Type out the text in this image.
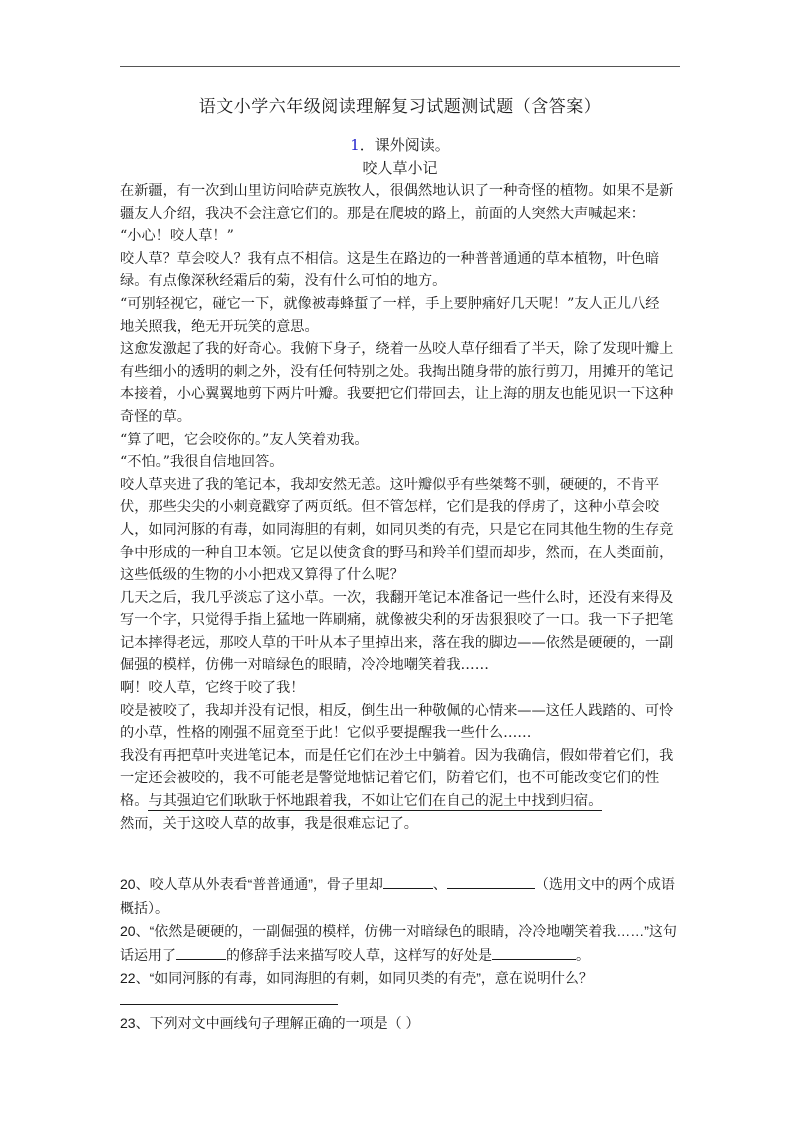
语文小学六年级阅读理解复习试题测试题（含答案）
1．课外阅读。
咬人草小记
在新疆，有一次到山里访问哈萨克族牧人，很偶然地认识了一种奇怪的植物。如果不是新
疆友人介绍，我决不会注意它们的。那是在爬坡的路上，前面的人突然大声喊起来：
“小心！咬人草！”
咬人草？草会咬人？我有点不相信。这是生在路边的一种普普通通的草本植物，叶色暗
绿。有点像深秋经霜后的菊，没有什么可怕的地方。
“可别轻视它，碰它一下，就像被毒蜂蜇了一样，手上要肿痛好几天呢！”友人正儿八经
地关照我，绝无开玩笑的意思。
这愈发激起了我的好奇心。我俯下身子，绕着一丛咬人草仔细看了半天，除了发现叶瓣上
有些细小的透明的刺之外，没有任何特别之处。我掏出随身带的旅行剪刀，用摊开的笔记
本接着，小心翼翼地剪下两片叶瓣。我要把它们带回去，让上海的朋友也能见识一下这种
奇怪的草。
“算了吧，它会咬你的。”友人笑着劝我。
“不怕。”我很自信地回答。
咬人草夹进了我的笔记本，我却安然无恙。这叶瓣似乎有些桀骜不驯，硬硬的，不肯平
伏，那些尖尖的小刺竟戳穿了两页纸。但不管怎样，它们是我的俘虏了，这种小草会咬
人，如同河豚的有毒，如同海胆的有刺，如同贝类的有壳，只是它在同其他生物的生存竞
争中形成的一种自卫本领。它足以使贪食的野马和羚羊们望而却步，然而，在人类面前，
这些低级的生物的小小把戏又算得了什么呢？
几天之后，我几乎淡忘了这小草。一次，我翻开笔记本准备记一些什么时，还没有来得及
写一个字，只觉得手指上猛地一阵刷痛，就像被尖利的牙齿狠狠咬了一口。我一下子把笔
记本摔得老远，那咬人草的干叶从本子里掉出来，落在我的脚边——依然是硬硬的，一副
倔强的模样，仿佛一对暗绿色的眼睛，冷冷地嘲笑着我……
啊！咬人草，它终于咬了我！
咬是被咬了，我却并没有记恨，相反，倒生出一种敬佩的心情来——这任人践踏的、可怜
的小草，性格的刚强不屈竟至于此！它似乎要提醒我一些什么……
我没有再把草叶夹进笔记本，而是任它们在沙土中躺着。因为我确信，假如带着它们，我
一定还会被咬的，我不可能老是警觉地惦记着它们，防着它们，也不可能改变它们的性
格。与其强迫它们耿耿于怀地跟着我，不如让它们在自己的泥土中找到归宿。
然而，关于这咬人草的故事，我是很难忘记了。
20、咬人草从外表看“普普通通”，骨子里却	、	（选用文中的两个成语
概括）。
20、“依然是硬硬的，一副倔强的模样，仿佛一对暗绿色的眼睛，冷冷地嘲笑着我……”这句
话运用了	的修辞手法来描写咬人草，这样写的好处是	。
22、“如同河豚的有毒，如同海胆的有刺，如同贝类的有壳”，意在说明什么？
23、下列对文中画线句子理解正确的一项是（ ）
